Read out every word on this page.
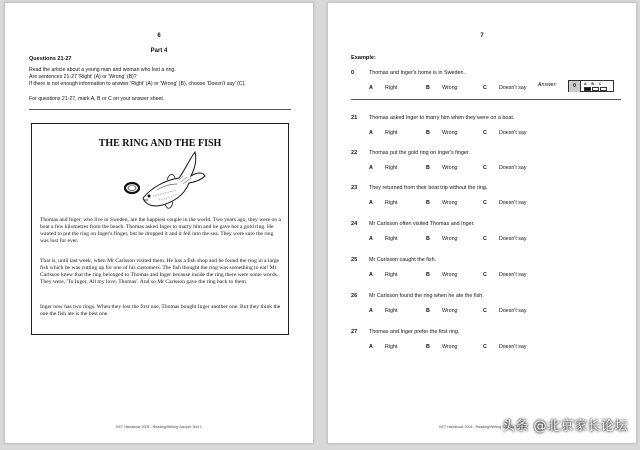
6
Part 4
Questions 21-27
Read the article about a young man and woman who lost a ring.
Are sentences 21-27 'Right' (A) or 'Wrong' (B)?
If there is not enough information to answer 'Right' (A) or 'Wrong' (B), choose 'Doesn't say' (C).
For questions 21-27, mark A, B or C on your answer sheet.
THE RING AND THE FISH
Thomas and Inger, who live in Sweden, are the happiest couple in the world. Two years ago, they were on a boat a few kilometres from the beach. Thomas asked Inger to marry him and he gave her a gold ring. He wanted to put the ring on Inger's finger, but he dropped it and it fell into the sea. They were sure the ring was lost for ever.
That is, until last week, when Mr Carlsson visited them. He has a fish shop and he found the ring in a large fish which he was cutting up for one of his customers. The fish thought the ring was something to eat! Mr Carlsson knew that the ring belonged to Thomas and Inger because inside the ring there were some words. They were, 'To Inger, All my love, Thomas'. And so Mr Carlsson gave the ring back to them.
Inger now has two rings. When they lost the first one, Thomas bought Inger another one. But they think the one the fish ate is the best one.
KET Handbook 2004 - Reading/Writing Sample Test 1
7
Example:
Answer:	0	A B C
0	Thomas and Inger's home is in Sweden.
A Right	B Wrong	C Doesn't say
21 Thomas asked Inger to marry him when they were on a boat.
A Right	B Wrong	C Doesn't say
22 Thomas put the gold ring on Inger's finger.
A Right	B Wrong	C Doesn't say
23 They returned from their boat trip without the ring.
A Right	B Wrong	C Doesn't say
24 Mr Carlsson often visited Thomas and Inger.
A Right	B Wrong	C Doesn't say
25 Mr Carlsson caught the fish.
A Right	B Wrong	C Doesn't say
26 Mr Carlsson found the ring when he ate the fish.
A Right	B Wrong	C Doesn't say
27 Thomas and Inger prefer the first ring.
A Right	B Wrong	C Doesn't say
KET Handbook 2004 - Reading/Writing Sample Test 1
头条 @北京家长论坛
